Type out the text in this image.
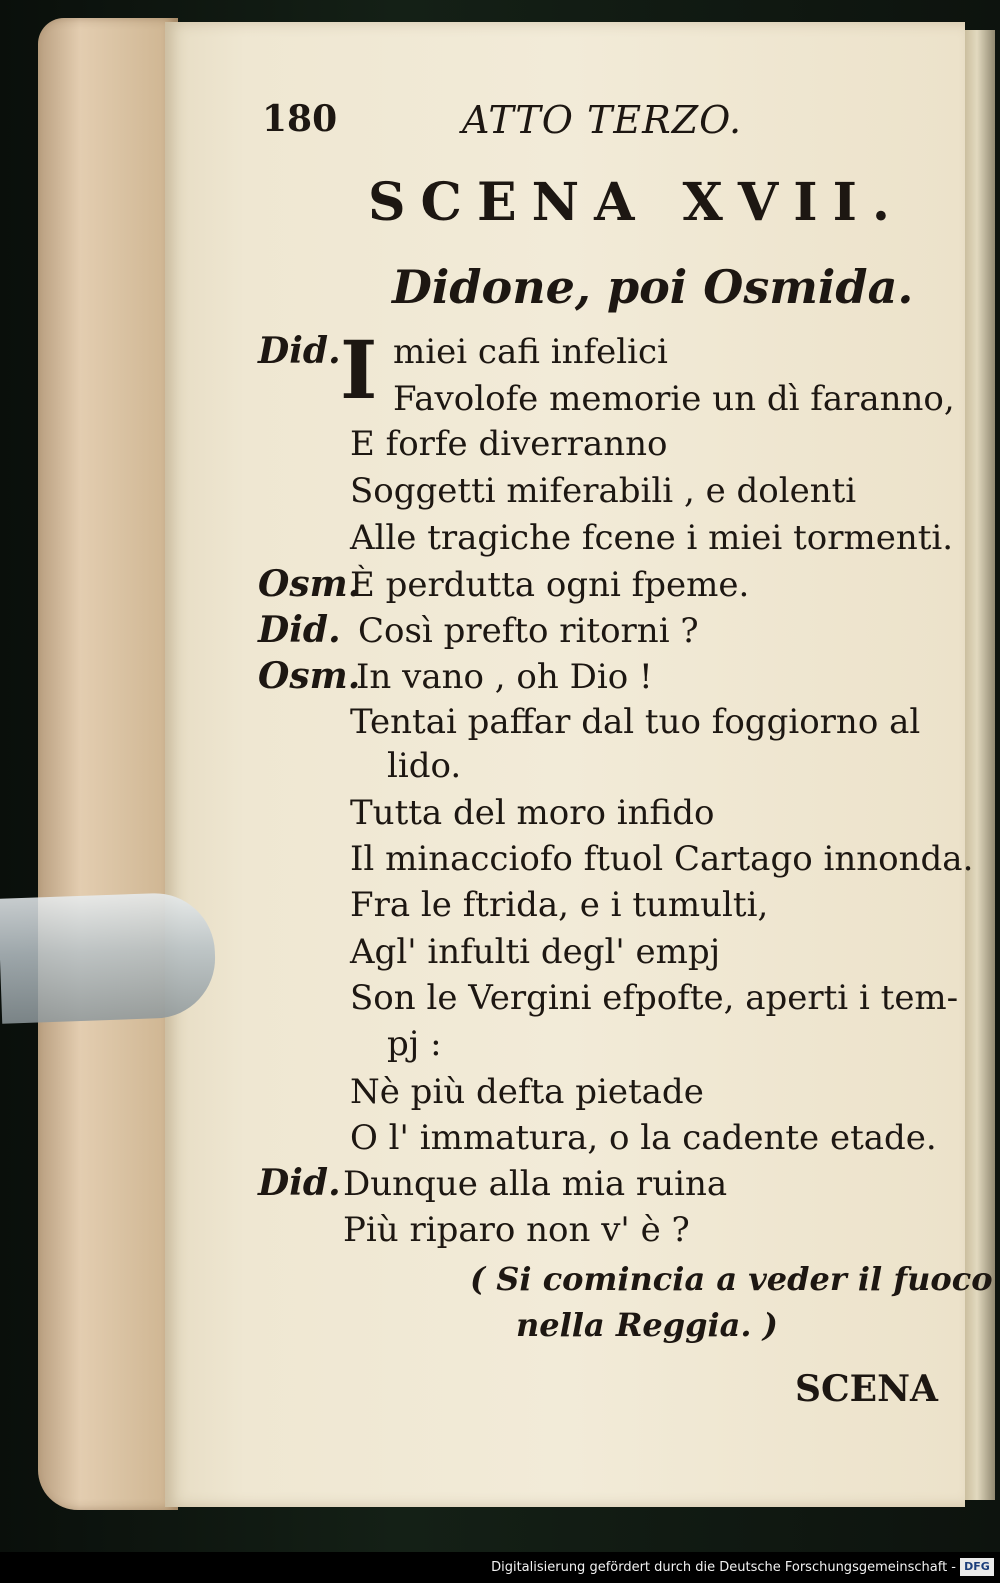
180	ATTO TERZO.
SCENA XVII.
Didone, poi Osmida.
Did. I miei cafi infelici
Favolofe memorie un dì faranno,
E forfe diverranno
Soggetti miferabili , e dolenti
Alle tragiche fcene i miei tormenti.
Osm.
È perdutta ogni fpeme.
Did. Così prefto ritorni ?
Osm.
In vano , oh Dio !
Tentai paffar dal tuo foggiorno al
lido.
Tutta del moro infido
Il minacciofo ftuol Cartago innonda.
Fra le ftrida, e i tumulti,
Agl' infulti degl' empj
Son le Vergini efpofte, aperti i tem-
pj :
Nè più defta pietade
O l' immatura, o la cadente etade.
Did. Dunque alla mia ruina
Più riparo non v' è ?
( Si comincia a veder il fuoco
nella Reggia. )
SCENA
Digitalisierung gefördert durch die Deutsche Forschungsgemeinschaft - DFG
